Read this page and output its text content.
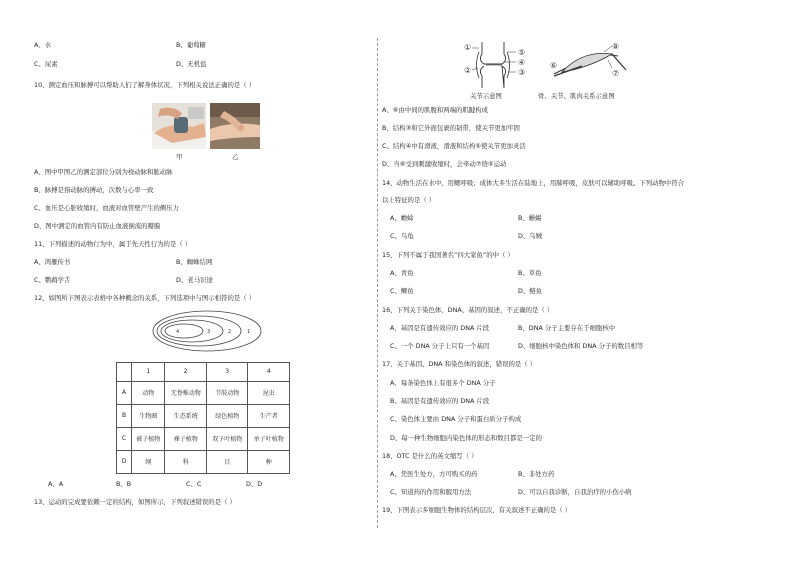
A、水	B、葡萄糖
C、尿素	D、无机盐
10、测定血压和脉搏可以帮助人们了解身体状况，下列相关说法正确的是（ ）
甲	乙
A、图中甲图乙的测定部位分别为桡动脉和肱动脉
B、脉搏是指动脉的搏动，次数与心率一致
C、血压是心脏收缩时，血液对血管壁产生的侧压力
D、图中测定的血管内有防止血液倒流的瓣膜
11、下列描述的动物行为中，属于先天性行为的是（ ）
A、鸿雁传书	B、蜘蛛结网
C、鹦鹉学舌	D、老马识途
12、如图所下图表示表格中各种概念的关系，下列选项中与图示相符的是（ ）
4	3	2	1
	1	2	3	4
A	动物	无脊椎动物	节肢动物	昆虫
B	生物圈	生态系统	绿色植物	生产者
C	被子植物	裸子植物	双子叶植物	单子叶植物
D	纲	科	目	种
A、A	B、B	C、C	D、D
13、运动的完成要依赖一定的结构，如图所示，下列叙述错误的是（ ）
①
②
⑤
④
③
关节示意图
⑧
⑥
⑦
骨、关节、肌肉关系示意图
A、⑥由中间的肌腹和两端的肌腱构成
B、结构③和它外面包裹的韧带，使关节更加牢固
C、结构④中有滑液，滑液和结构⑤使关节更加灵活
D、当⑥受到刺激收缩时，会牵动⑦绕⑤运动
14、动物生活在水中，用鳃呼吸；成体大多生活在陆地上，用肺呼吸，皮肤可以辅助呼吸。下列动物中符合
以上特征的是（ ）
A、蟾蜍	B、蜥蜴
C、乌龟	D、乌贼
15、下列不属于我国著名“四大家鱼”的中（ ）
A、青鱼	B、草鱼
C、鲫鱼	D、鲢鱼
16、下列关于染色体、DNA、基因的叙述，不正确的是（ ）
A、基因是有遗传效应的 DNA 片段	B、DNA 分子主要存在于细胞核中
C、一个 DNA 分子上只有一个基因	D、细胞核中染色体和 DNA 分子的数目相等
17、关于基因、DNA 和染色体的叙述，错误的是（ ）
A、每条染色体上有很多个 DNA 分子
B、基因是有遗传效应的 DNA 片段
C、染色体主要由 DNA 分子和蛋白质分子构成
D、每一种生物细胞内染色体的形态和数目都是一定的
18、OTC 是什么的英文缩写（ ）
A、凭医生处方，方可购买的药	B、非处方药
C、知道药的作用和服用方法	D、可以自我诊断，自我治疗的小伤小病
19、下图表示多细胞生物体的结构层次，有关叙述不正确的是（ ）
